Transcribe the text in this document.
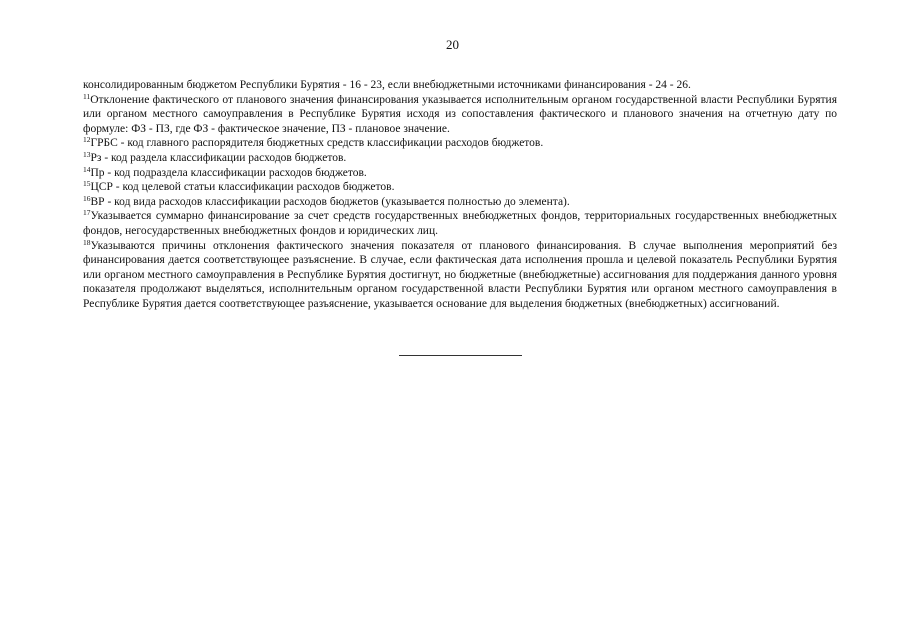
20

консолидированным бюджетом Республики Бурятия - 16 - 23, если внебюджетными источниками финансирования - 24 - 26.

$^{11}$Отклонение фактического от планового значения финансирования указывается исполнительным органом государственной власти Республики Бурятия или органом местного самоуправления в Республике Бурятия исходя из сопоставления фактического и планового значения на отчетную дату по формуле: ФЗ - ПЗ, где ФЗ - фактическое значение, ПЗ - плановое значение.

$^{12}$ГРБС - код главного распорядителя бюджетных средств классификации расходов бюджетов.

$^{13}$Рз - код раздела классификации расходов бюджетов.

$^{14}$Пр - код подраздела классификации расходов бюджетов.

$^{15}$ЦСР - код целевой статьи классификации расходов бюджетов.

$^{16}$ВР - код вида расходов классификации расходов бюджетов (указывается полностью до элемента).

$^{17}$Указывается суммарно финансирование за счет средств государственных внебюджетных фондов, территориальных государственных внебюджетных фондов, негосударственных внебюджетных фондов и юридических лиц.

$^{18}$Указываются причины отклонения фактического значения показателя от планового финансирования. В случае выполнения мероприятий без финансирования дается соответствующее разъяснение. В случае, если фактическая дата исполнения прошла и целевой показатель Республики Бурятия или органом местного самоуправления в Республике Бурятия достигнут, но бюджетные (внебюджетные) ассигнования для поддержания данного уровня показателя продолжают выделяться, исполнительным органом государственной власти Республики Бурятия или органом местного самоуправления в Республике Бурятия дается соответствующее разъяснение, указывается основание для выделения бюджетных (внебюджетных) ассигнований.
